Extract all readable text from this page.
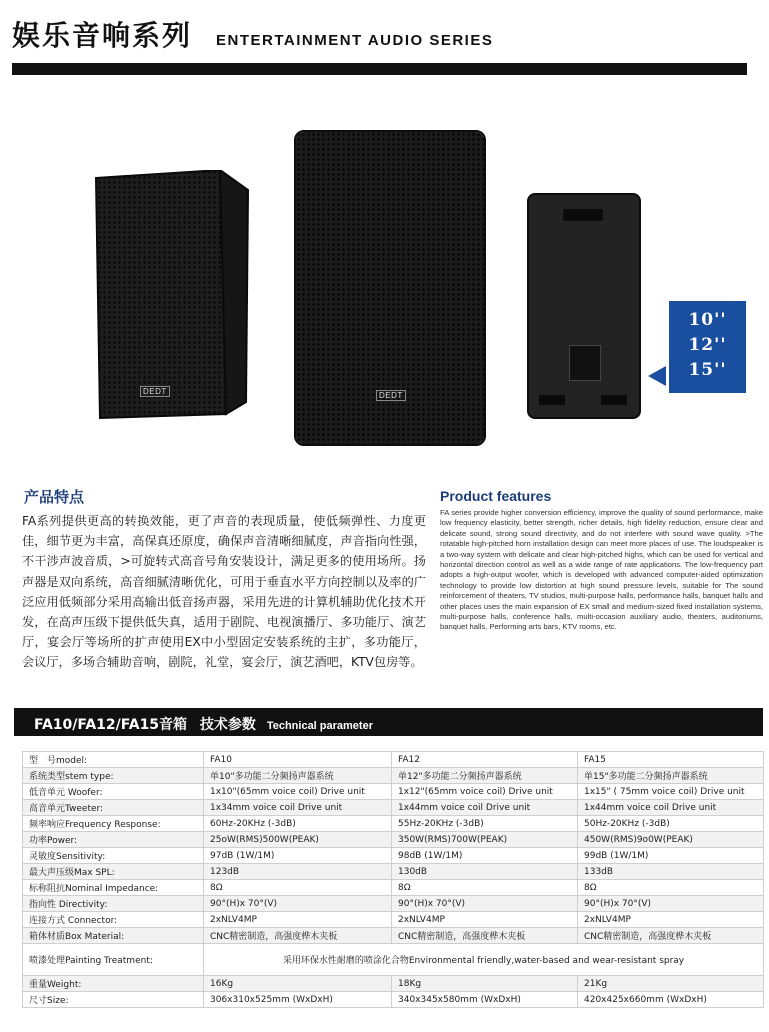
娱乐音响系列 ENTERTAINMENT AUDIO SERIES
DEDT	DEDT
10''
12''
15''
产品特点
FA系列提供更高的转换效能，更了声音的表现质量，使低频弹性、力度更佳，细节更为丰富，高保真还原度，确保声音清晰细腻度，声音指向性强，不干涉声波音质，>可旋转式高音号角安装设计，满足更多的使用场所。扬声器是双向系统，高音细腻清晰优化，可用于垂直水平方向控制以及率的广泛应用低频部分采用高输出低音扬声器，采用先进的计算机辅助优化技术开发，在高声压级下提供低失真，适用于剧院、电视演播厅、多功能厅、演艺厅，宴会厅等场所的扩声使用EX中小型固定安装系统的主扩，多功能厅，会议厅，多场合辅助音响，剧院，礼堂，宴会厅，演艺酒吧，KTV包房等。
Product features
FA series provide higher conversion efficiency, improve the quality of sound performance, make low frequency elasticity, better strength, richer details, high fidelity reduction, ensure clear and delicate sound, strong sound directivity, and do not interfere with sound wave quality. >The rotatable high-pitched horn installation design can meet more places of use. The loudspeaker is a two-way system with delicate and clear high-pitched highs, which can be used for vertical and horizontal direction control as well as a wide range of rate applications. The low-frequency part adopts a high-output woofer, which is developed with advanced computer-aided optimization technology to provide low distortion at high sound pressure levels, suitable for The sound reinforcement of theaters, TV studios, multi-purpose halls, performance halls, banquet halls and other places uses the main expansion of EX small and medium-sized fixed installation systems, multi-purpose halls, conference halls, multi-occasion auxiliary audio, theaters, auditoriums, banquet halls, Performing arts bars, KTV rooms, etc.
FA10/FA12/FA15音箱 技术参数 Technical parameter
型　号model:	FA10	FA12	FA15
系统类型stem type:	单10"多功能二分频扬声器系统	单12"多功能二分频扬声器系统	单15"多功能二分频扬声器系统
低音单元 Woofer:	1x10"(65mm voice coil) Drive unit	1x12"(65mm voice coil) Drive unit	1x15" ( 75mm voice coil) Drive unit
高音单元Tweeter:	1x34mm voice coil Drive unit	1x44mm voice coil Drive unit	1x44mm voice coil Drive unit
频率响应Frequency Response:	60Hz-20KHz (-3dB)	55Hz-20KHz (-3dB)	50Hz-20KHz (-3dB)
功率Power:	25oW(RMS)500W(PEAK)	350W(RMS)700W(PEAK)	450W(RMS)9o0W(PEAK)
灵敏度Sensitivity:	97dB (1W/1M)	98dB (1W/1M)	99dB (1W/1M)
最大声压级Max SPL:	123dB	130dB	133dB
标称阻抗Nominal Impedance:	8Ω	8Ω	8Ω
指向性 Directivity:	90°(H)x 70°(V)	90°(H)x 70°(V)	90°(H)x 70°(V)
连接方式 Connector:	2xNLV4MP	2xNLV4MP	2xNLV4MP
箱体材质Box Material:	CNC精密制造，高强度桦木夹板	CNC精密制造，高强度桦木夹板	CNC精密制造，高强度桦木夹板
喷漆处理Painting Treatment:	采用环保水性耐磨的喷涂化合物Environmental friendly,water-based and wear-resistant spray		
重量Weight:	16Kg	18Kg	21Kg
尺寸Size:	306x310x525mm (WxDxH)	340x345x580mm (WxDxH)	420x425x660mm (WxDxH)
